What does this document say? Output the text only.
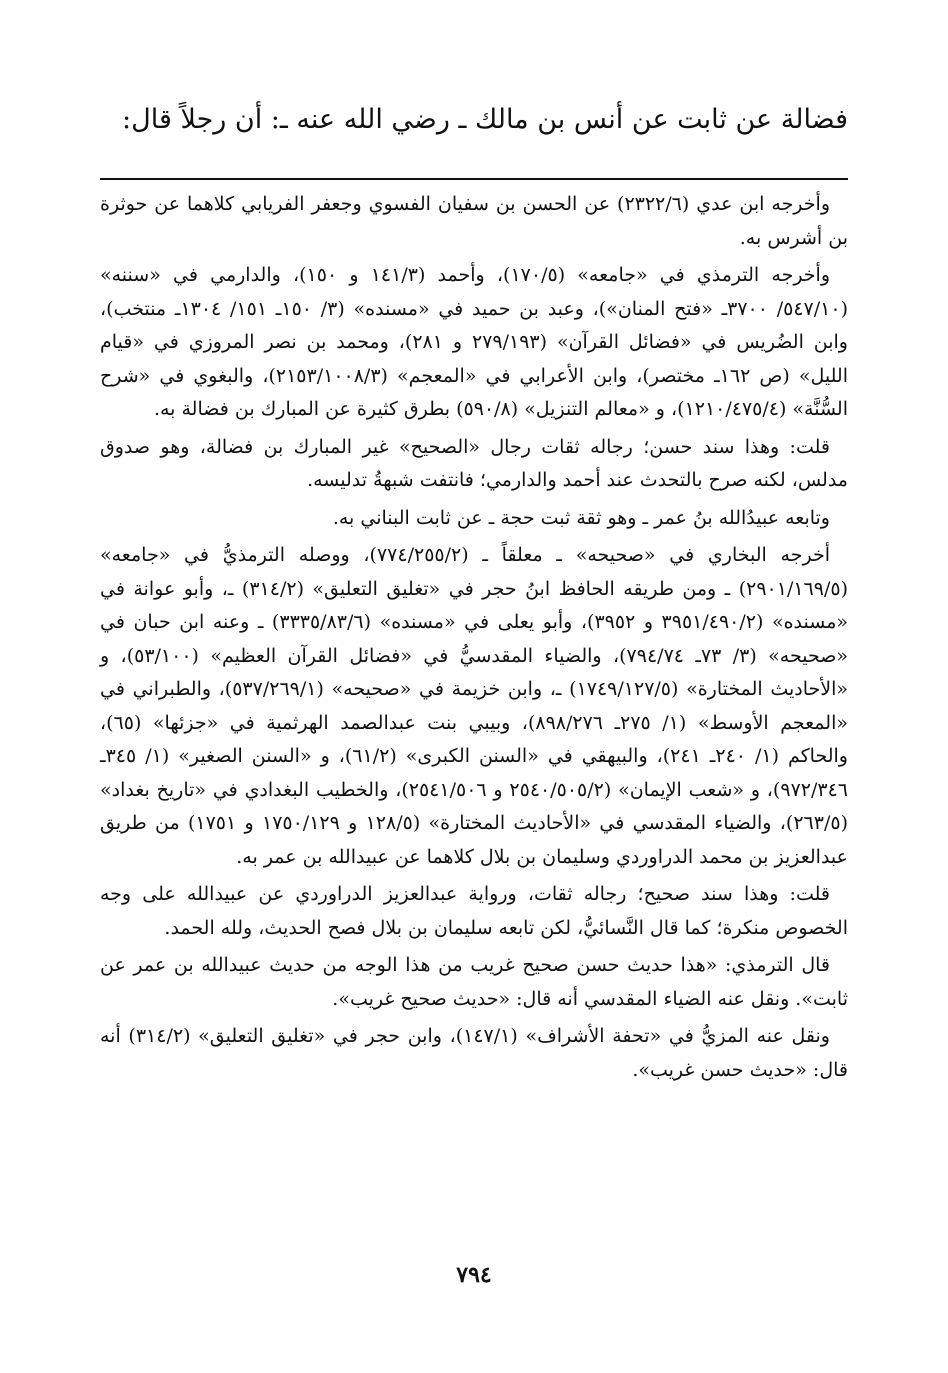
فضالة عن ثابت عن أنس بن مالك ـ رضي الله عنه ـ: أن رجلاً قال:

وأخرجه ابن عدي (٢٣٢٢/٦) عن الحسن بن سفيان الفسوي وجعفر الفريابي كلاهما عن حوثرة بن أشرس به.

وأخرجه الترمذي في «جامعه» (١٧٠/٥)، وأحمد (١٤١/٣ و ١٥٠)، والدارمي في «سننه» (٥٤٧/١٠/ ٣٧٠٠ـ «فتح المنان»)، وعبد بن حميد في «مسنده» (٣/ ١٥٠ـ ١٥١/ ١٣٠٤ـ منتخب)، وابن الضُريس في «فضائل القرآن» (٢٧٩/١٩٣ و ٢٨١)، ومحمد بن نصر المروزي في «قيام الليل» (ص ١٦٢ـ مختصر)، وابن الأعرابي في «المعجم» (٢١٥٣/١٠٠٨/٣)، والبغوي في «شرح السُّنَّة» (١٢١٠/٤٧٥/٤)، و «معالم التنزيل» (٥٩٠/٨) بطرق كثيرة عن المبارك بن فضالة به.

قلت: وهذا سند حسن؛ رجاله ثقات رجال «الصحيح» غير المبارك بن فضالة، وهو صدوق مدلس، لكنه صرح بالتحدث عند أحمد والدارمي؛ فانتفت شبهةُ تدليسه.

وتابعه عبيدُالله بنُ عمر ـ وهو ثقة ثبت حجة ـ عن ثابت البناني به.

أخرجه البخاري في «صحيحه» ـ معلقاً ـ (٧٧٤/٢٥٥/٢)، ووصله الترمذيُّ في «جامعه» (٢٩٠١/١٦٩/٥) ـ ومن طريقه الحافظ ابنُ حجر في «تغليق التعليق» (٣١٤/٢) ـ، وأبو عوانة في «مسنده» (٣٩٥١/٤٩٠/٢ و ٣٩٥٢)، وأبو يعلى في «مسنده» (٣٣٣٥/٨٣/٦) ـ وعنه ابن حبان في «صحيحه» (٣/ ٧٣ـ ٧٩٤/٧٤)، والضياء المقدسيُّ في «فضائل القرآن العظيم» (٥٣/١٠٠)، و «الأحاديث المختارة» (١٧٤٩/١٢٧/٥) ـ، وابن خزيمة في «صحيحه» (٥٣٧/٢٦٩/١)، والطبراني في «المعجم الأوسط» (١/ ٢٧٥ـ ٨٩٨/٢٧٦)، وبيبي بنت عبدالصمد الهرثمية في «جزئها» (٦٥)، والحاكم (١/ ٢٤٠ـ ٢٤١)، والبيهقي في «السنن الكبرى» (٦١/٢)، و «السنن الصغير» (١/ ٣٤٥ـ ٩٧٢/٣٤٦)، و «شعب الإيمان» (٢٥٤٠/٥٠٥/٢ و ٢٥٤١/٥٠٦)، والخطيب البغدادي في «تاريخ بغداد» (٢٦٣/٥)، والضياء المقدسي في «الأحاديث المختارة» (١٢٨/٥ و ١٧٥٠/١٢٩ و ١٧٥١) من طريق عبدالعزيز بن محمد الدراوردي وسليمان بن بلال كلاهما عن عبيدالله بن عمر به.

قلت: وهذا سند صحيح؛ رجاله ثقات، ورواية عبدالعزيز الدراوردي عن عبيدالله على وجه الخصوص منكرة؛ كما قال النَّسائيُّ، لكن تابعه سليمان بن بلال فصح الحديث، ولله الحمد.

قال الترمذي: «هذا حديث حسن صحيح غريب من هذا الوجه من حديث عبيدالله بن عمر عن ثابت». ونقل عنه الضياء المقدسي أنه قال: «حديث صحيح غريب».

ونقل عنه المزيُّ في «تحفة الأشراف» (١٤٧/١)، وابن حجر في «تغليق التعليق» (٣١٤/٢) أنه قال: «حديث حسن غريب».

٧٩٤
